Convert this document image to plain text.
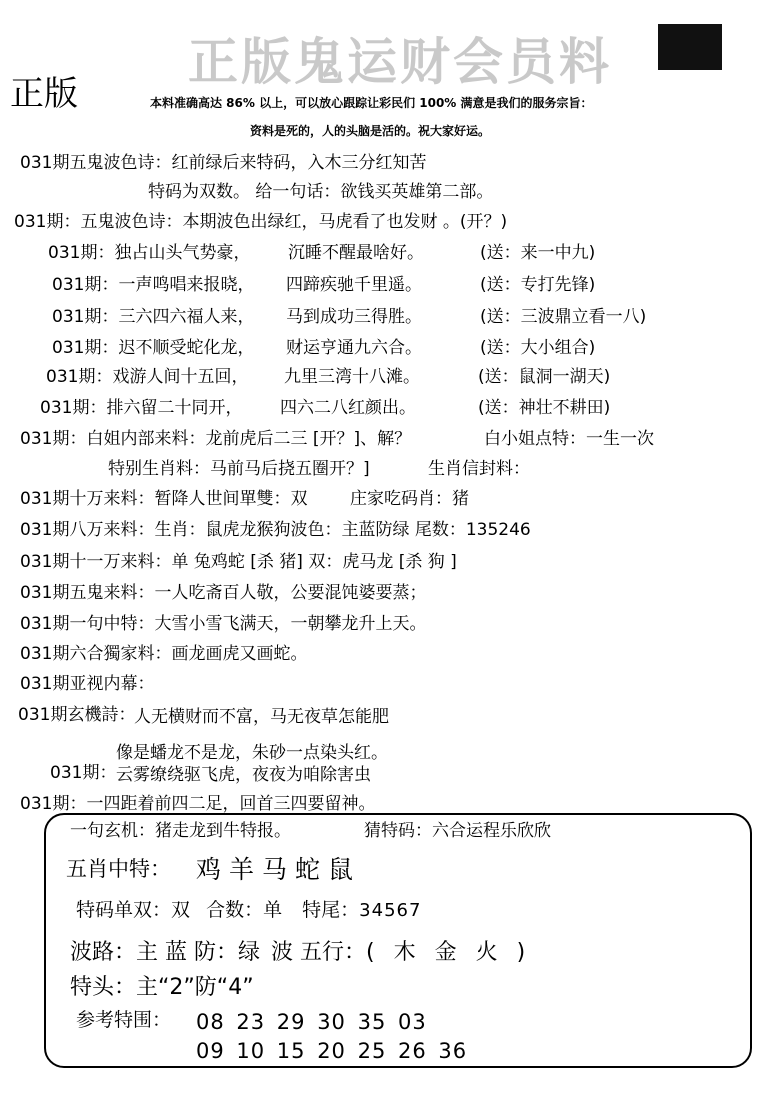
正版鬼运财会员料
正版	本料准确高达 86% 以上，可以放心跟踪让彩民们 100% 满意是我们的服务宗旨：
资料是死的，人的头脑是活的。祝大家好运。
031期五鬼波色诗：红前绿后来特码，入木三分红知苦
特码为双数。 给一句话：欲钱买英雄第二部。
031期：五鬼波色诗：本期波色出绿红，马虎看了也发财 。(开？)
031期：独占山头气势豪， 沉睡不醒最啥好。	(送：来一中九)
031期：一声鸣唱来报晓， 四蹄疾驰千里遥。	(送：专打先锋)
031期：三六四六福人来， 马到成功三得胜。	(送：三波鼎立看一八)
031期：迟不顺受蛇化龙， 财运亨通九六合。	(送：大小组合)
031期：戏游人间十五回， 九里三湾十八滩。	(送：鼠洞一湖天)
031期：排六留二十同开， 四六二八红颜出。	(送：神壮不耕田)
031期：白姐内部来料：龙前虎后二三 [开？]、解？	白小姐点特：一生一次
特别生肖料：马前马后挠五圈开？]	生肖信封料：
031期十万来料：暂降人世间單雙：双	庄家吃码肖：猪
031期八万来料：生肖：鼠虎龙猴狗波色：主蓝防绿 尾数：135246
031期十一万来料：单 兔鸡蛇 [杀 猪] 双：虎马龙 [杀 狗 ]
031期五鬼来料：一人吃斋百人敬，公要混饨婆要蒸；
031期一句中特：大雪小雪飞满天，一朝攀龙升上天。
031期六合獨家料：画龙画虎又画蛇。
031期亚视内幕：
031期玄機詩：
人无横财而不富，马无夜草怎能肥
像是蟠龙不是龙，朱砂一点染头红。
031期： 云雾缭绕驱飞虎，夜夜为咱除害虫
031期：一四距着前四二足，回首三四要留神。
一句玄机：猪走龙到牛特报。	猜特码：六合运程乐欣欣
五肖中特： 鸡羊马蛇鼠
特码单双：双 合数：单 特尾：34567
波路：主 蓝 防：绿 波 五行：( 木 金 火 )
特头：主“2”防“4”
参考特围： 08 23 29 30 35 03
09 10 15 20 25 26 36
